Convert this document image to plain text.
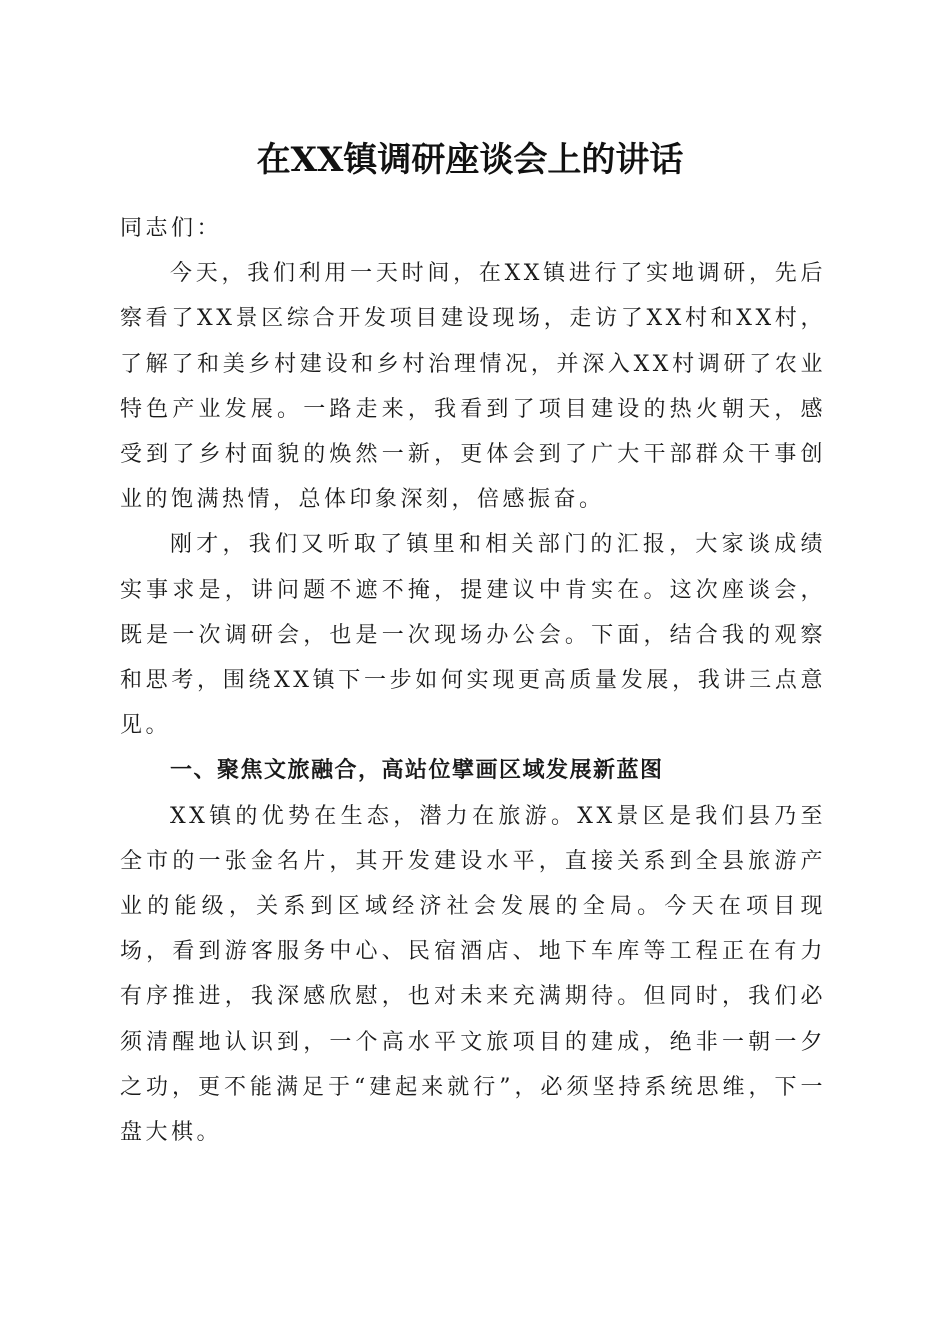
在XX镇调研座谈会上的讲话

同志们：

今天，我们利用一天时间，在XX镇进行了实地调研，先后察看了XX景区综合开发项目建设现场，走访了XX村和XX村，了解了和美乡村建设和乡村治理情况，并深入XX村调研了农业特色产业发展。一路走来，我看到了项目建设的热火朝天，感受到了乡村面貌的焕然一新，更体会到了广大干部群众干事创业的饱满热情，总体印象深刻，倍感振奋。

刚才，我们又听取了镇里和相关部门的汇报，大家谈成绩实事求是，讲问题不遮不掩，提建议中肯实在。这次座谈会，既是一次调研会，也是一次现场办公会。下面，结合我的观察和思考，围绕XX镇下一步如何实现更高质量发展，我讲三点意见。

一、聚焦文旅融合，高站位擘画区域发展新蓝图

XX镇的优势在生态，潜力在旅游。XX景区是我们县乃至全市的一张金名片，其开发建设水平，直接关系到全县旅游产业的能级，关系到区域经济社会发展的全局。今天在项目现场，看到游客服务中心、民宿酒店、地下车库等工程正在有力有序推进，我深感欣慰，也对未来充满期待。但同时，我们必须清醒地认识到，一个高水平文旅项目的建成，绝非一朝一夕之功，更不能满足于“建起来就行”，必须坚持系统思维，下一盘大棋。
